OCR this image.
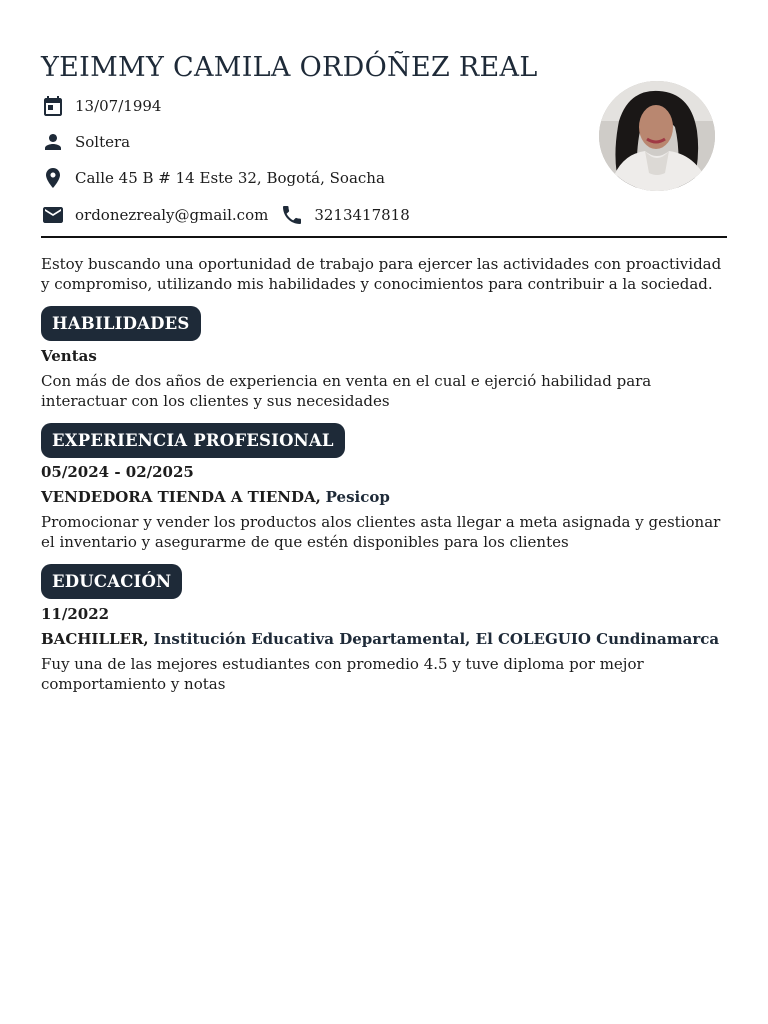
YEIMMY CAMILA ORDÓÑEZ REAL
13/07/1994
Soltera
Calle 45 B # 14 Este 32, Bogotá, Soacha
ordonezrealy@gmail.com	3213417818

Estoy buscando una oportunidad de trabajo para ejercer las actividades con proactividad y compromiso, utilizando mis habilidades y conocimientos para contribuir a la sociedad.

HABILIDADES

Ventas

Con más de dos años de experiencia en venta en el cual e ejerció habilidad para interactuar con los clientes y sus necesidades

EXPERIENCIA PROFESIONAL

05/2024 - 02/2025

VENDEDORA TIENDA A TIENDA, Pesicop

Promocionar y vender los productos alos clientes asta llegar a meta asignada y gestionar el inventario y asegurarme de que estén disponibles para los clientes

EDUCACIÓN

11/2022

BACHILLER, Institución Educativa Departamental, El COLEGUIO Cundinamarca

Fuy una de las mejores estudiantes con promedio 4.5 y tuve diploma por mejor comportamiento y notas
